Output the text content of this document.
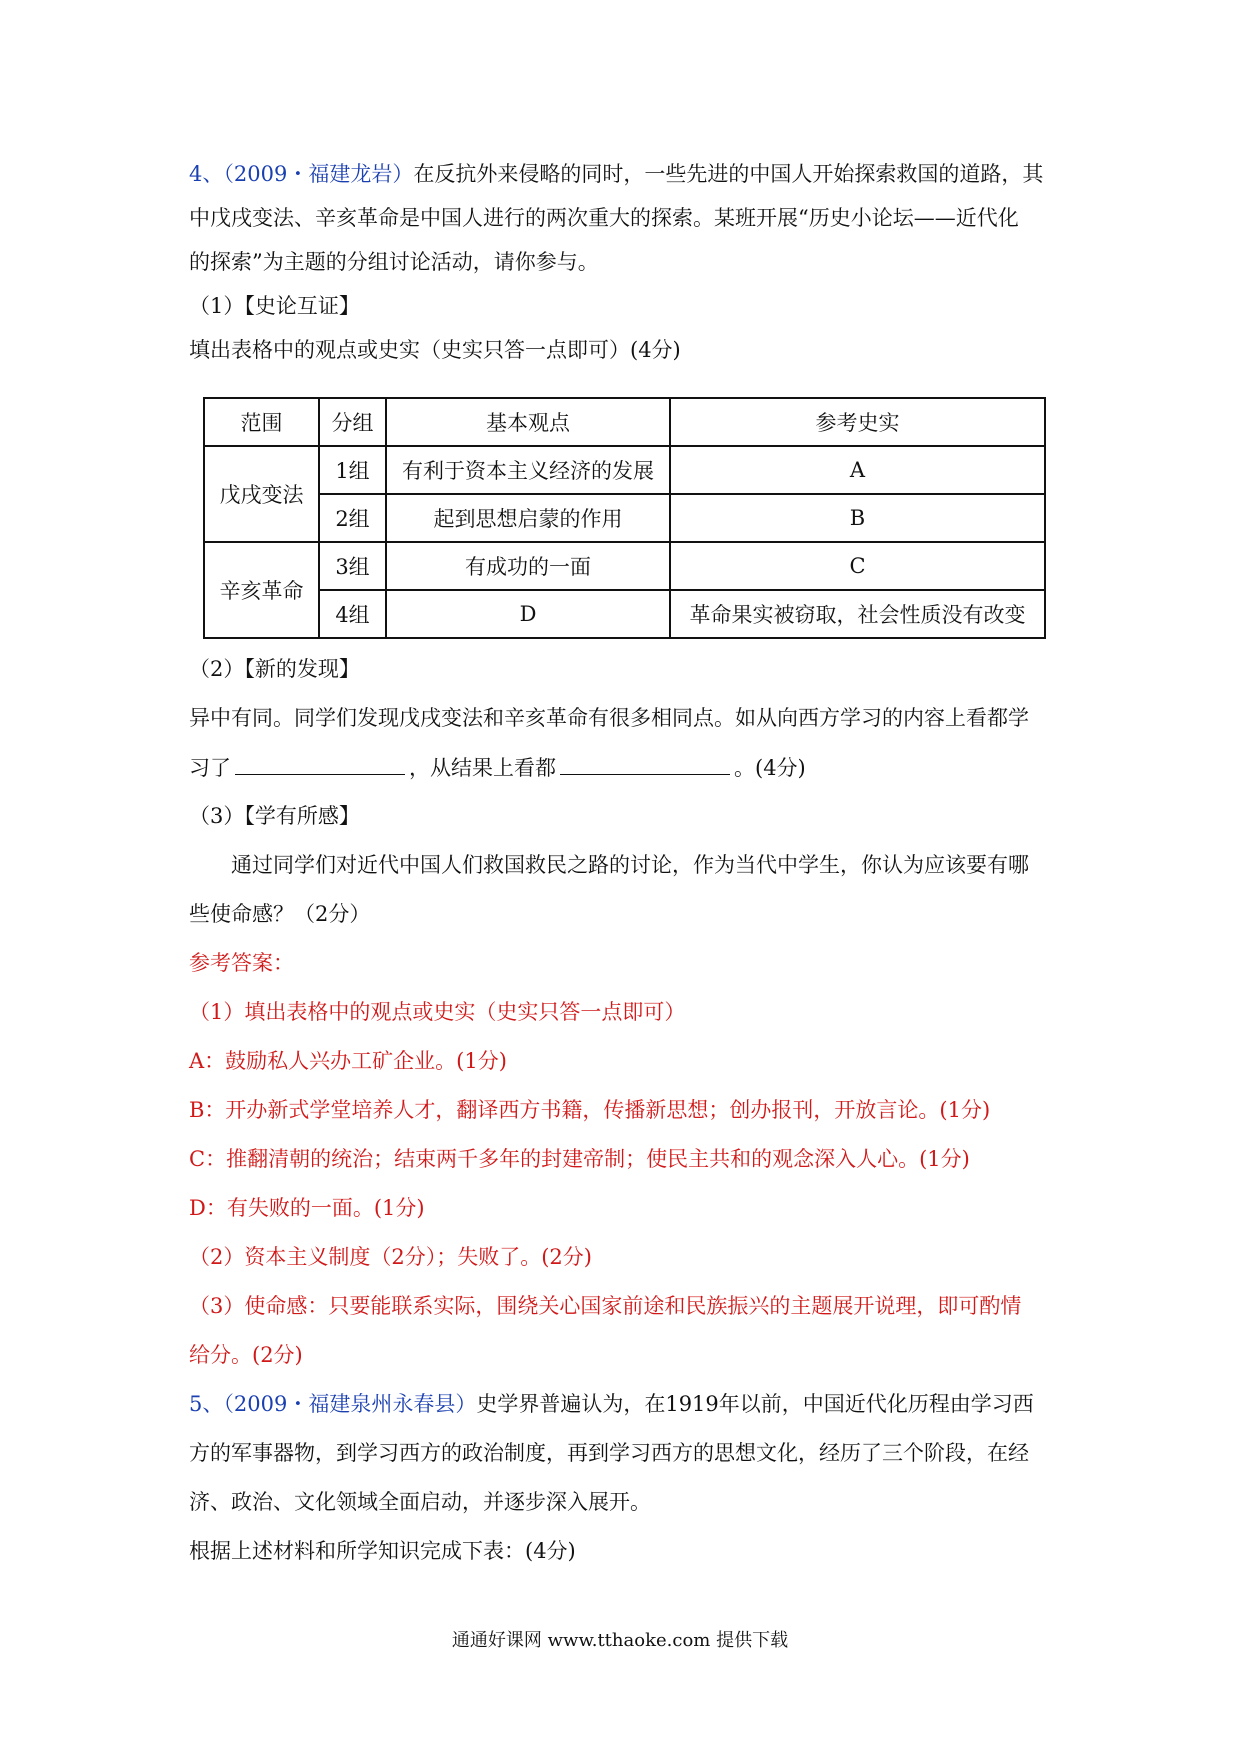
4、（2009・福建龙岩）在反抗外来侵略的同时，一些先进的中国人开始探索救国的道路，其
中戊戌变法、辛亥革命是中国人进行的两次重大的探索。某班开展“历史小论坛——近代化
的探索”为主题的分组讨论活动，请你参与。
（1）【史论互证】
填出表格中的观点或史实（史实只答一点即可）(4分)
范围	分组	基本观点	参考史实
戊戌变法	1组	有利于资本主义经济的发展	A
	2组	起到思想启蒙的作用	B
辛亥革命	3组	有成功的一面	C
	4组	D	革命果实被窃取，社会性质没有改变
（2）【新的发现】
异中有同。同学们发现戊戌变法和辛亥革命有很多相同点。如从向西方学习的内容上看都学
习了	，从结果上看都	。(4分)
（3）【学有所感】
通过同学们对近代中国人们救国救民之路的讨论，作为当代中学生，你认为应该要有哪
些使命感？（2分）
参考答案：
（1）填出表格中的观点或史实（史实只答一点即可）
A：鼓励私人兴办工矿企业。(1分)
B：开办新式学堂培养人才，翻译西方书籍，传播新思想；创办报刊，开放言论。(1分)
C：推翻清朝的统治；结束两千多年的封建帝制；使民主共和的观念深入人心。(1分)
D：有失败的一面。(1分)
（2）资本主义制度（2分）；失败了。(2分)
（3）使命感：只要能联系实际，围绕关心国家前途和民族振兴的主题展开说理，即可酌情
给分。(2分)
5、（2009・福建泉州永春县）史学界普遍认为，在1919年以前，中国近代化历程由学习西
方的军事器物，到学习西方的政治制度，再到学习西方的思想文化，经历了三个阶段，在经
济、政治、文化领域全面启动，并逐步深入展开。
根据上述材料和所学知识完成下表：(4分)
通通好课网 www.tthaoke.com 提供下载
